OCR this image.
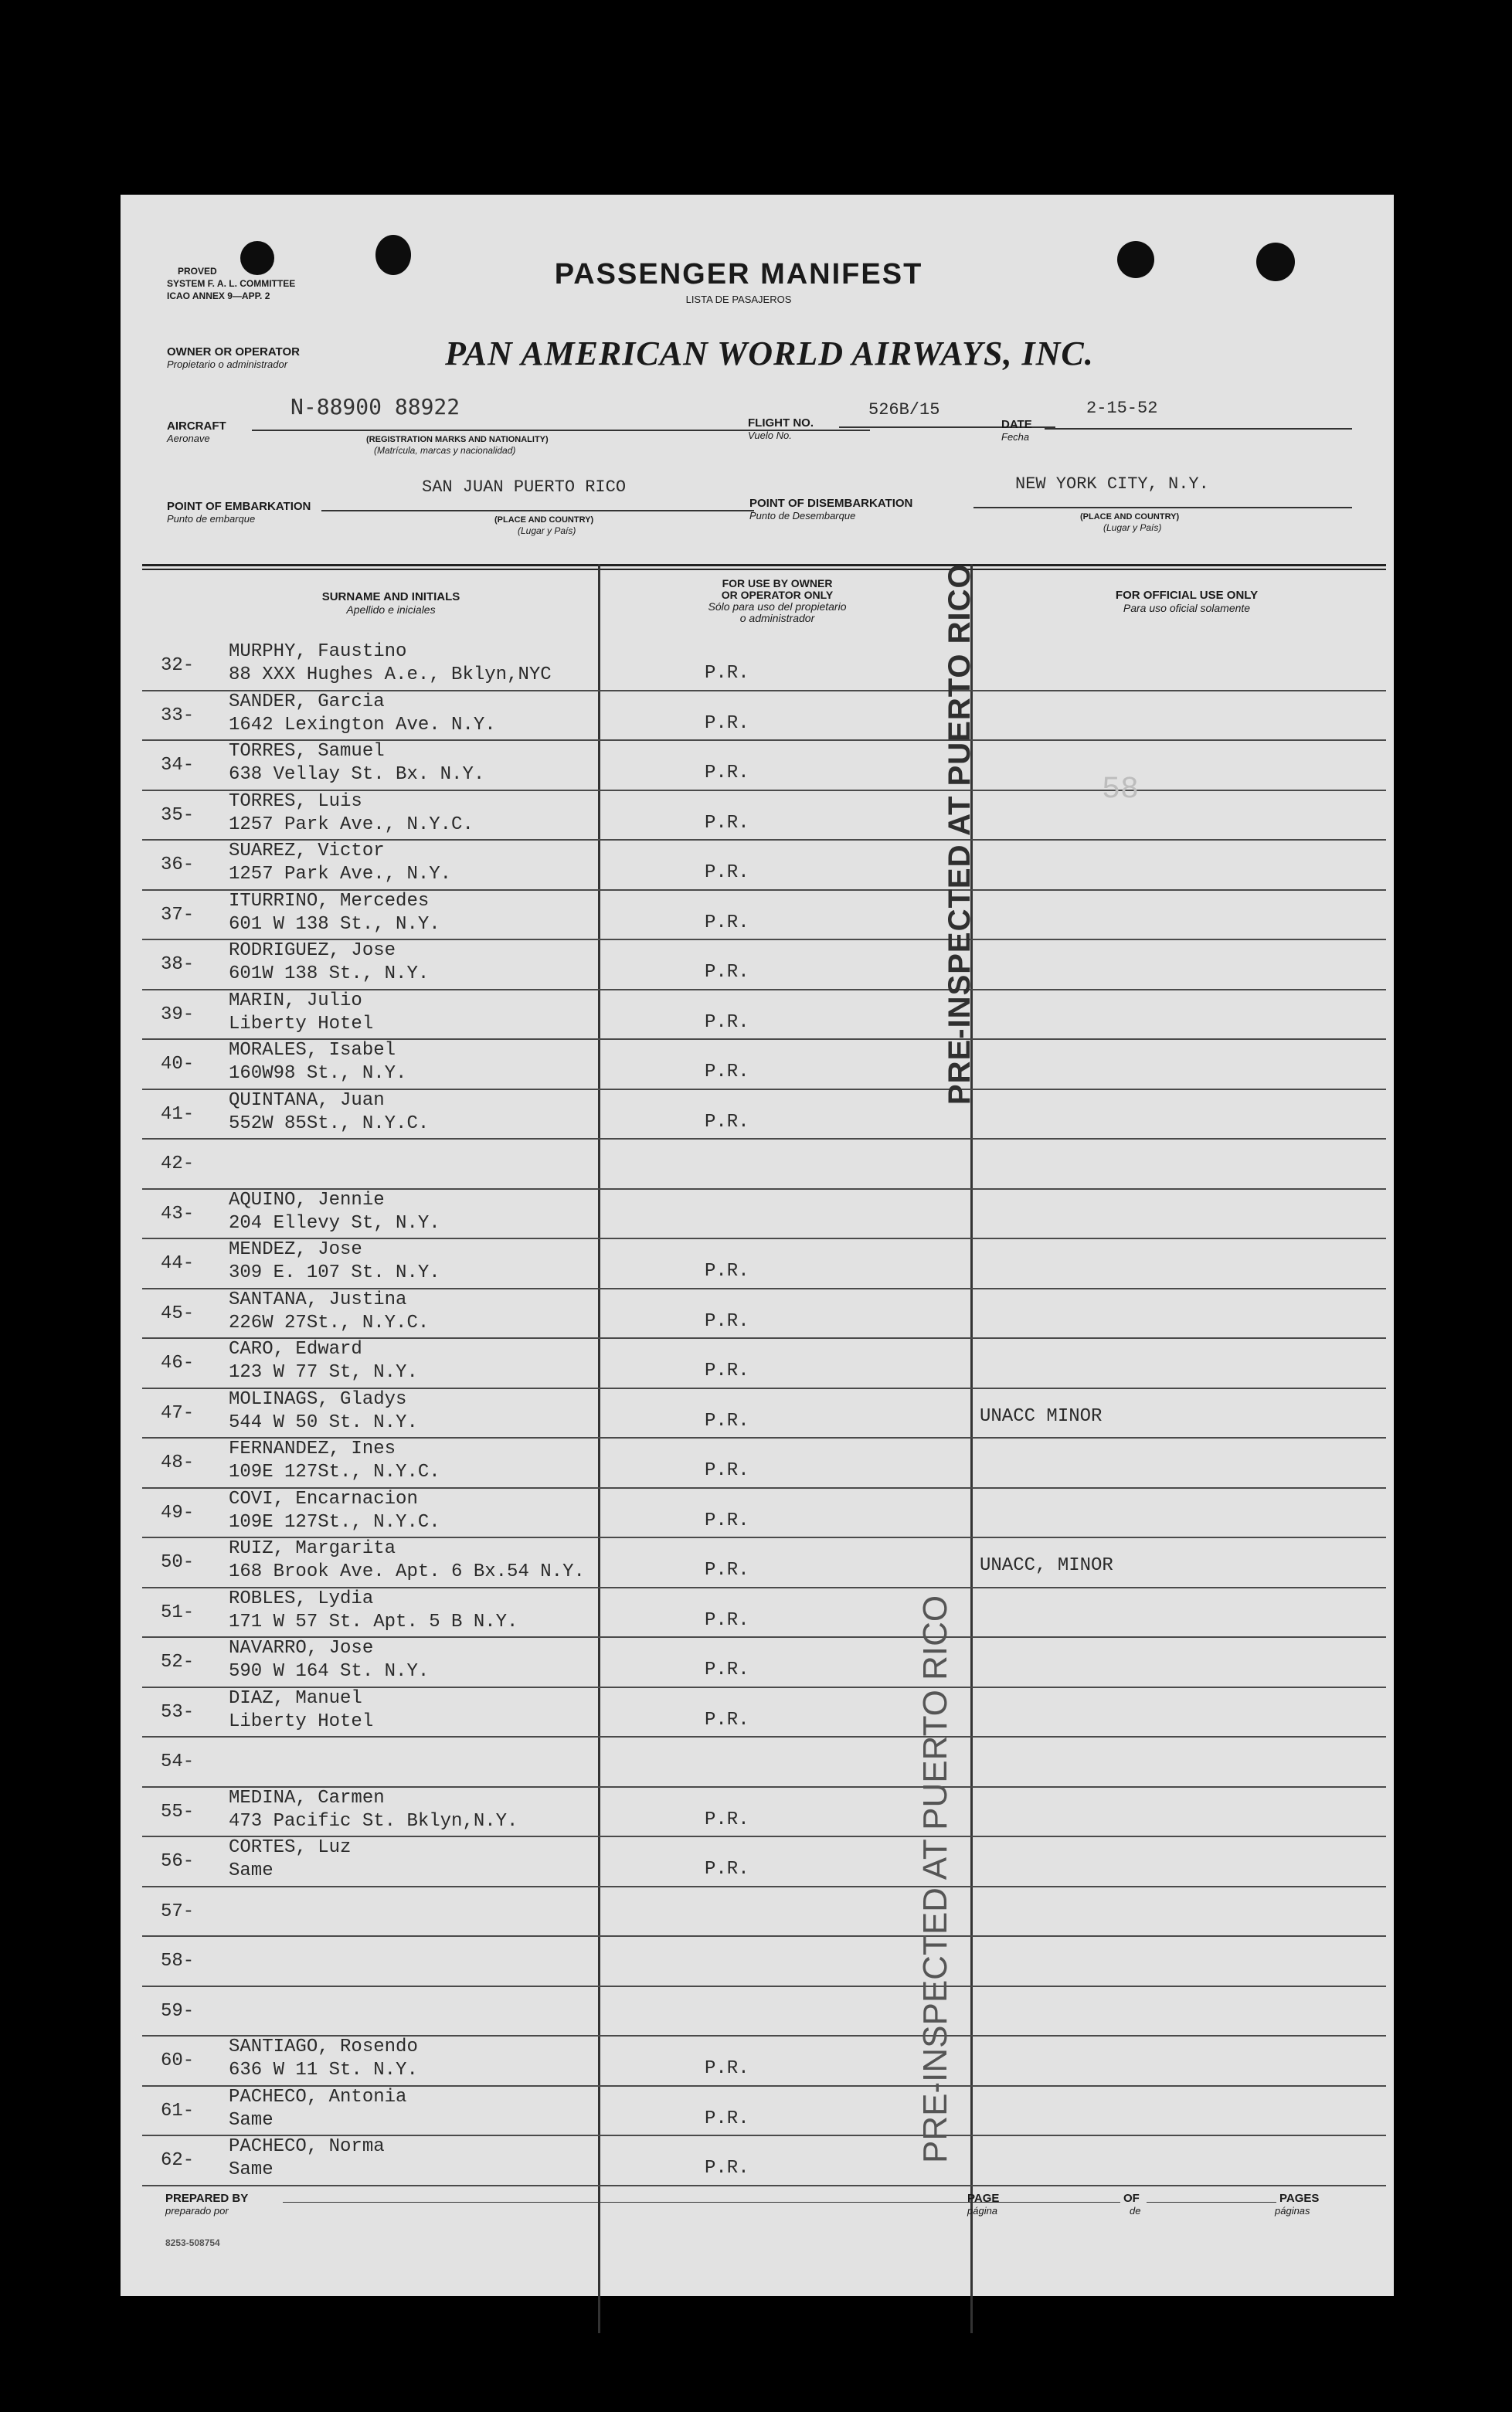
PROVED
SYSTEM F. A. L. COMMITTEE
ICAO ANNEX 9—APP. 2
PASSENGER MANIFEST
LISTA DE PASAJEROS
OWNER OR OPERATOR
Propietario o administrador	PAN AMERICAN WORLD AIRWAYS, INC.
AIRCRAFT
Aeronave
N-88900 88922
(REGISTRATION MARKS AND NATIONALITY)
(Matrícula, marcas y nacionalidad)
FLIGHT NO.
Vuelo No.
526B/15
DATE
Fecha
2-15-52
POINT OF EMBARKATION
Punto de embarque
SAN JUAN PUERTO RICO
(PLACE AND COUNTRY)
(Lugar y País)
POINT OF DISEMBARKATION
Punto de Desembarque
NEW YORK CITY, N.Y.
(PLACE AND COUNTRY)
(Lugar y País)
SURNAME AND INITIALS
Apellido e iniciales
FOR USE BY OWNER
OR OPERATOR ONLY
Sólo para uso del propietario
o administrador
FOR OFFICIAL USE ONLY
Para uso oficial solamente
32-
MURPHY, Faustino
88 XXX Hughes A.e., Bklyn,NYC	P.R.
33-
SANDER, Garcia
1642 Lexington Ave. N.Y.	P.R.
34-
TORRES, Samuel
638 Vellay St. Bx. N.Y.	P.R.
35-
TORRES, Luis
1257 Park Ave., N.Y.C.	P.R.
36-
SUAREZ, Victor
1257 Park Ave., N.Y.	P.R.
37-
ITURRINO, Mercedes
601 W 138 St., N.Y.	P.R.
38-
RODRIGUEZ, Jose
601W 138 St., N.Y.	P.R.
39-
MARIN, Julio
Liberty Hotel	P.R.
40-
MORALES, Isabel
160W98 St., N.Y.	P.R.
41-
QUINTANA, Juan
552W 85St., N.Y.C.	P.R.
42-
43-
AQUINO, Jennie
204 Ellevy St, N.Y.
44-
MENDEZ, Jose
309 E. 107 St. N.Y.	P.R.
45-
SANTANA, Justina
226W 27St., N.Y.C.	P.R.
46-
CARO, Edward
123 W 77 St, N.Y.	P.R.
47-
MOLINAGS, Gladys
544 W 50 St. N.Y.	P.R.	UNACC MINOR
48-
FERNANDEZ, Ines
109E 127St., N.Y.C.	P.R.
49-
COVI, Encarnacion
109E 127St., N.Y.C.	P.R.
50-
RUIZ, Margarita
168 Brook Ave. Apt. 6 Bx.54 N.Y.	P.R.	UNACC, MINOR
51-
ROBLES, Lydia
171 W 57 St. Apt. 5 B N.Y.	P.R.
52-
NAVARRO, Jose
590 W 164 St. N.Y.	P.R.
53-
DIAZ, Manuel
Liberty Hotel	P.R.
54-
55-
MEDINA, Carmen
473 Pacific St. Bklyn,N.Y.	P.R.
56-
CORTES, Luz
Same	P.R.
57-
58-
59-
60-
SANTIAGO, Rosendo
636 W 11 St. N.Y.	P.R.
61-
PACHECO, Antonia
Same	P.R.
62-
PACHECO, Norma
Same	P.R.
PRE-INSPECTED AT PUERTO RICO
PRE-INSPECTED AT PUERTO RICO
58
PREPARED BY
preparado por
PAGE
página
OF
de
PAGES
páginas
8253-508754
